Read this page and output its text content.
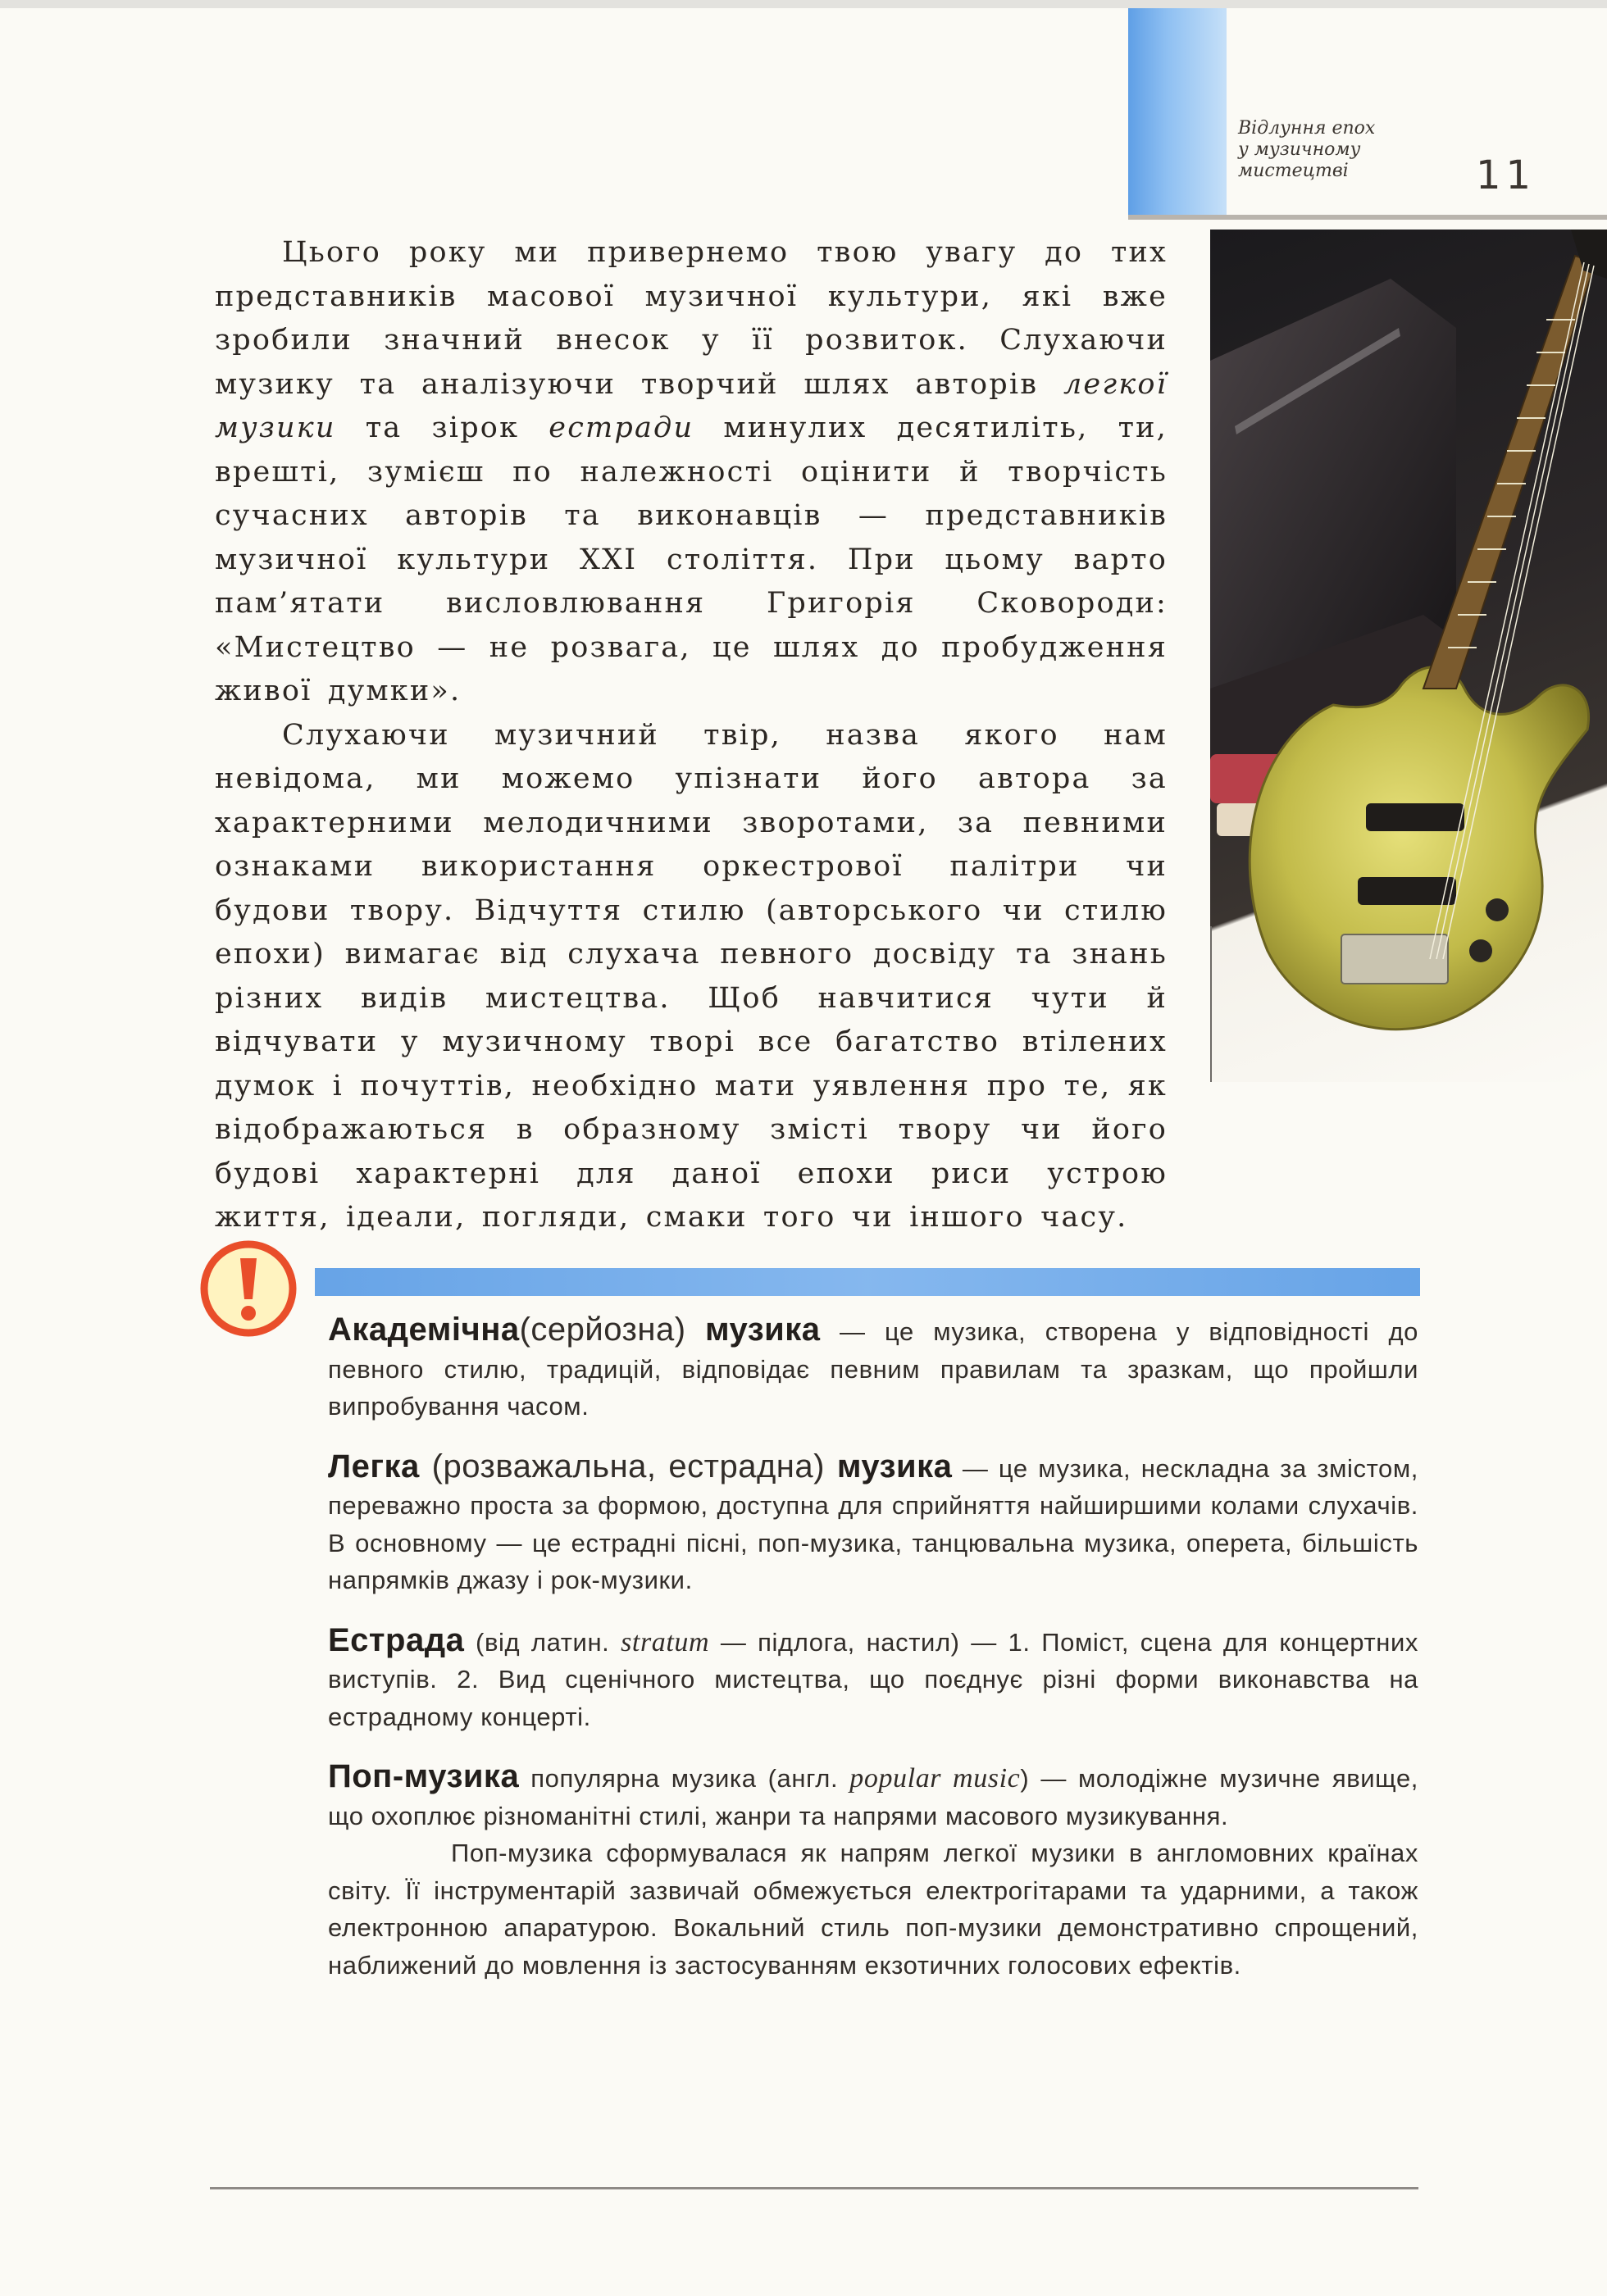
Відлуння епох
у музичному
мистецтві	11

Цього року ми привернемо твою увагу до тих представників масової музичної культури, які вже зробили значний внесок у її розвиток. Слухаючи музику та аналізуючи творчий шлях авторів легкої музики та зірок естради минулих десятиліть, ти, врешті, зумієш по належності оцінити й творчість сучасних авторів та виконавців — представників музичної культури XXI століття. При цьому варто пам’ятати висловлювання Григорія Сковороди: «Мистецтво — не розвага, це шлях до пробудження живої думки».

Слухаючи музичний твір, назва якого нам невідома, ми можемо упізнати його автора за характерними мелодичними зворотами, за певними ознаками використання оркестрової палітри чи будови твору. Відчуття стилю (авторського чи стилю епохи) вимагає від слухача певного досвіду та знань різних видів мистецтва. Щоб навчитися чути й відчувати у музичному творі все багатство втілених думок і почуттів, необхідно мати уявлення про те, як відображаються в образному змісті твору чи його будові характерні для даної епохи риси устрою життя, ідеали, погляди, смаки того чи іншого часу.

Академічна(серйозна) музика — це музика, створена у відповідності до певного стилю, традицій, відповідає певним правилам та зразкам, що пройшли випробування часом.

Легка (розважальна, естрадна) музика — це музика, нескладна за змістом, переважно проста за формою, доступна для сприйняття найширшими колами слухачів. В основному — це естрадні пісні, поп-музика, танцювальна музика, оперета, більшість напрямків джазу і рок-музики.

Естрада (від латин. stratum — підлога, настил) — 1. Поміст, сцена для концертних виступів. 2. Вид сценічного мистецтва, що поєднує різні форми виконавства на естрадному концерті.

Поп-музика популярна музика (англ. popular music) — молодіжне музичне явище, що охоплює різноманітні стилі, жанри та напрями масового музикування.

Поп-музика сформувалася як напрям легкої музики в англомовних країнах світу. Її інструментарій зазвичай обмежується електрогітарами та ударними, а також електронною апаратурою. Вокальний стиль поп-музики демонстративно спрощений, наближений до мовлення із застосуванням екзотичних голосових ефектів.
